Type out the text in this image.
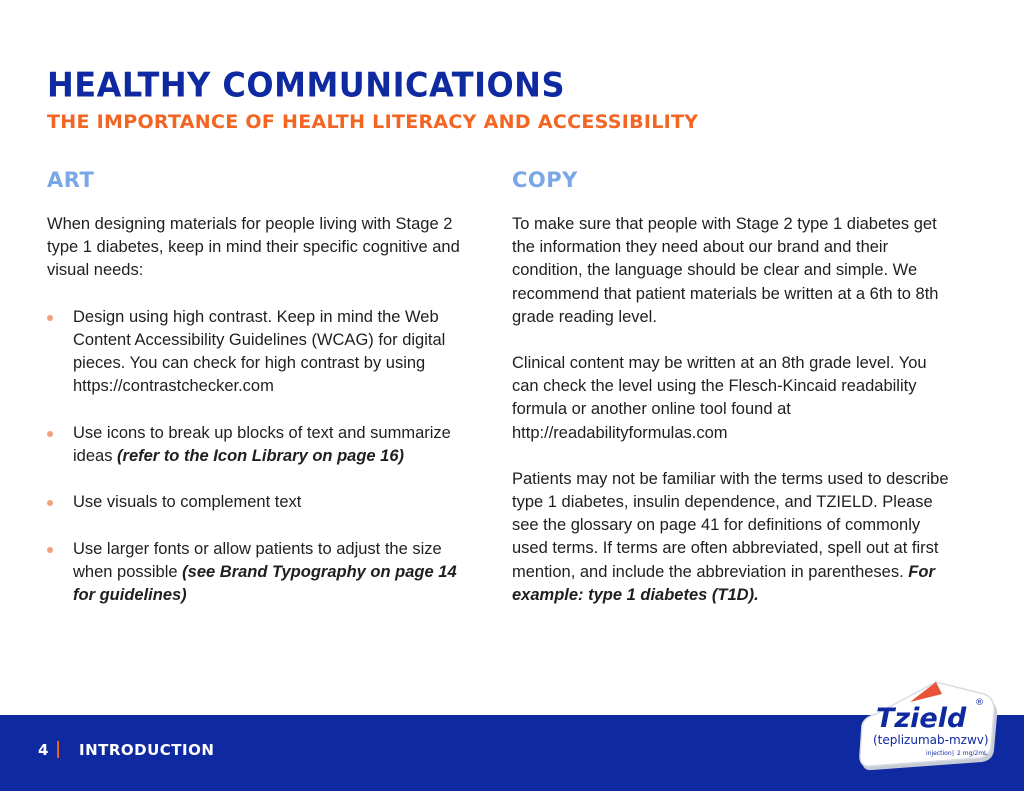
HEALTHY COMMUNICATIONS
THE IMPORTANCE OF HEALTH LITERACY AND ACCESSIBILITY
ART

When designing materials for people living with Stage 2 type 1 diabetes, keep in mind their specific cognitive and visual needs:

Design using high contrast. Keep in mind the Web Content Accessibility Guidelines (WCAG) for digital pieces. You can check for high contrast by using https://contrastchecker.com
Use icons to break up blocks of text and summarize ideas (refer to the Icon Library on page 16)
Use visuals to complement text
Use larger fonts or allow patients to adjust the size when possible (see Brand Typography on page 14 for guidelines)
COPY

To make sure that people with Stage 2 type 1 diabetes get the information they need about our brand and their condition, the language should be clear and simple. We recommend that patient materials be written at a 6th to 8th grade reading level.

Clinical content may be written at an 8th grade level. You can check the level using the Flesch-Kincaid readability formula or another online tool found at http://readabilityformulas.com

Patients may not be familiar with the terms used to describe type 1 diabetes, insulin dependence, and TZIELD. Please see the glossary on page 41 for definitions of commonly used terms. If terms are often abbreviated, spell out at first mention, and include the abbreviation in parentheses. For example: type 1 diabetes (T1D).

4 | INTRODUCTION
Tzield ®
(teplizumab-mzwv)
injection | 2 mg/2mL
